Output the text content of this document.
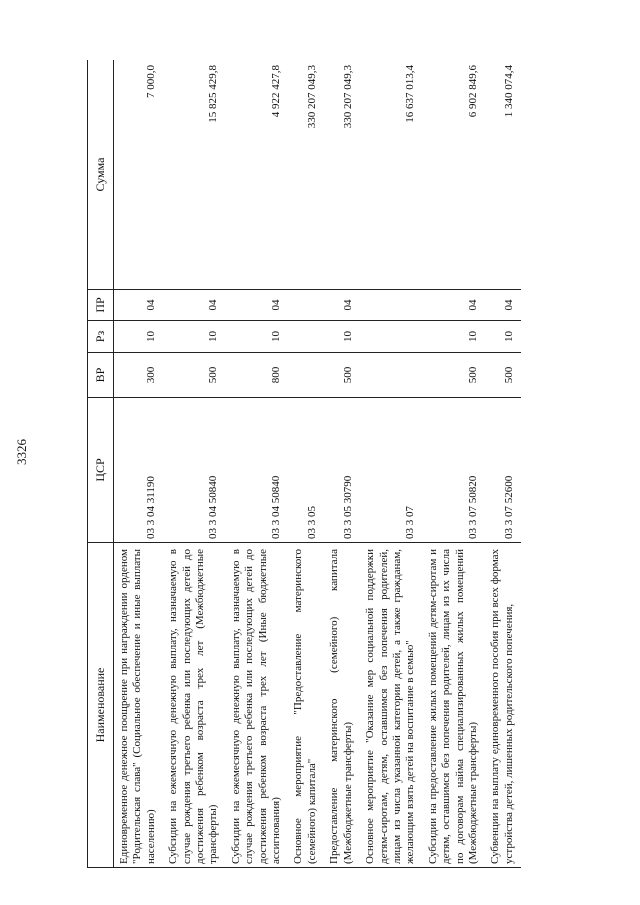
3326
Наименование	ЦСР	ВР	Рз	ПР	Сумма
Единовременное денежное поощрение при награждении орденом "Родительская слава" (Социальное обеспечение и иные выплаты населению)	03 3 04 31190	300	10	04	7 000,0
Субсидии на ежемесячную денежную выплату, назначаемую в случае рождения третьего ребенка или последующих детей до достижения ребенком возраста трех лет (Межбюджетные трансферты)	03 3 04 50840	500	10	04	15 825 429,8
Субсидии на ежемесячную денежную выплату, назначаемую в случае рождения третьего ребенка или последующих детей до достижения ребенком возраста трех лет (Иные бюджетные ассигнования)	03 3 04 50840	800	10	04	4 922 427,8
Основное мероприятие "Предоставление материнского (семейного) капитала"	03 3 05				330 207 049,3
Предоставление материнского (семейного) капитала (Межбюджетные трансферты)	03 3 05 30790	500	10	04	330 207 049,3
Основное мероприятие "Оказание мер социальной поддержки детям-сиротам, детям, оставшимся без попечения родителей, лицам из числа указанной категории детей, а также гражданам, желающим взять детей на воспитание в семью"	03 3 07				16 637 013,4
Субсидии на предоставление жилых помещений детям-сиротам и детям, оставшимся без попечения родителей, лицам из их числа по договорам найма специализированных жилых помещений (Межбюджетные трансферты)	03 3 07 50820	500	10	04	6 902 849,6
Субвенции на выплату единовременного пособия при всех формах устройства детей, лишенных родительского попечения,	03 3 07 52600	500	10	04	1 340 074,4
